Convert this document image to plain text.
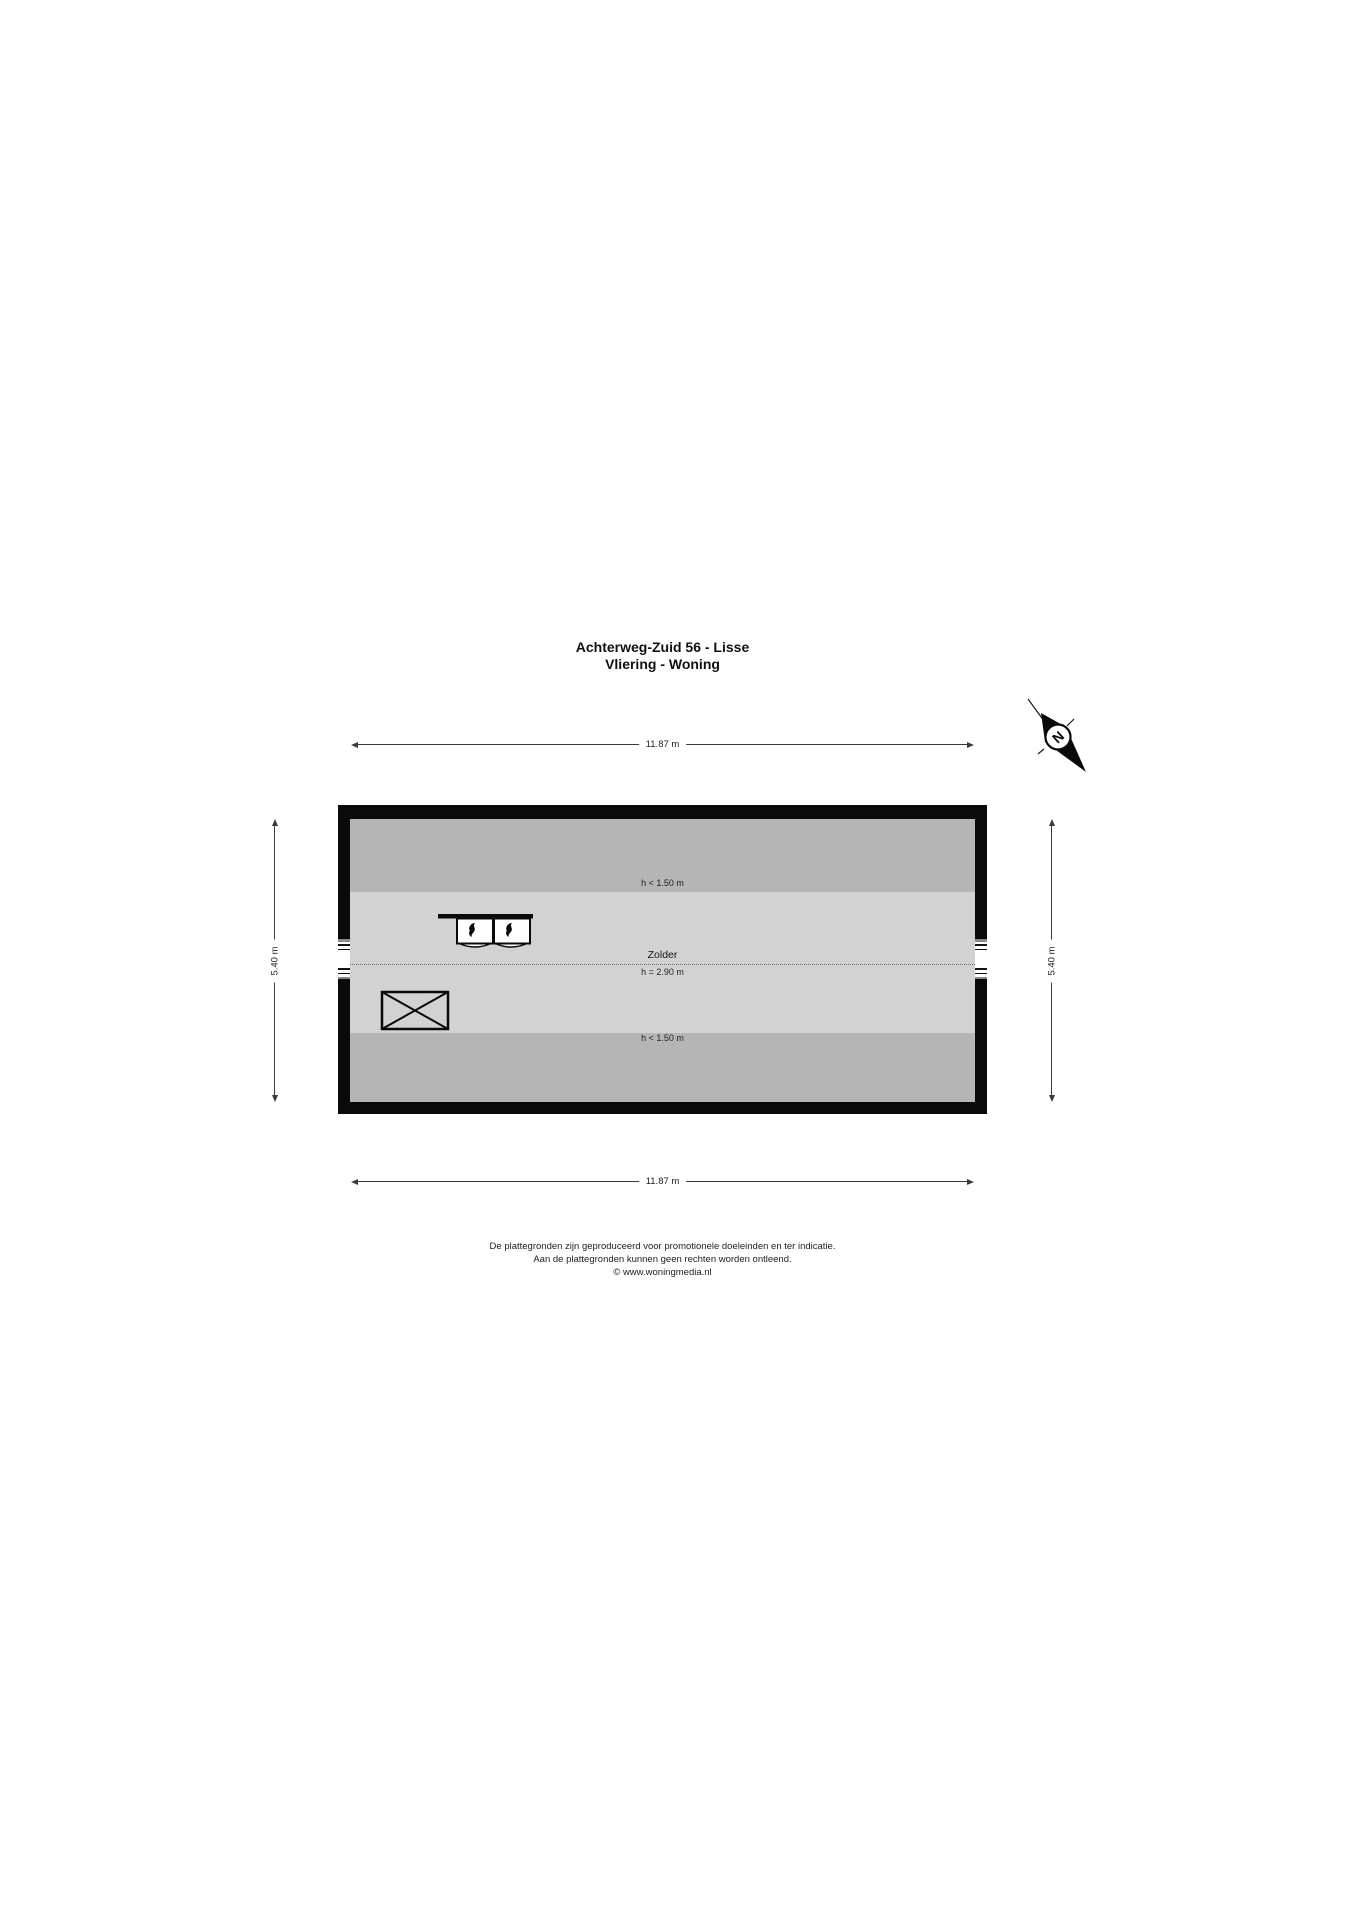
Achterweg-Zuid 56 - Lisse
Vliering - Woning
N
11.87 m
5.40 m	5.40 m
h < 1.50 m
Zolder
h = 2.90 m
h < 1.50 m
11.87 m
De plattegronden zijn geproduceerd voor promotionele doeleinden en ter indicatie.
Aan de plattegronden kunnen geen rechten worden ontleend.
© www.woningmedia.nl
